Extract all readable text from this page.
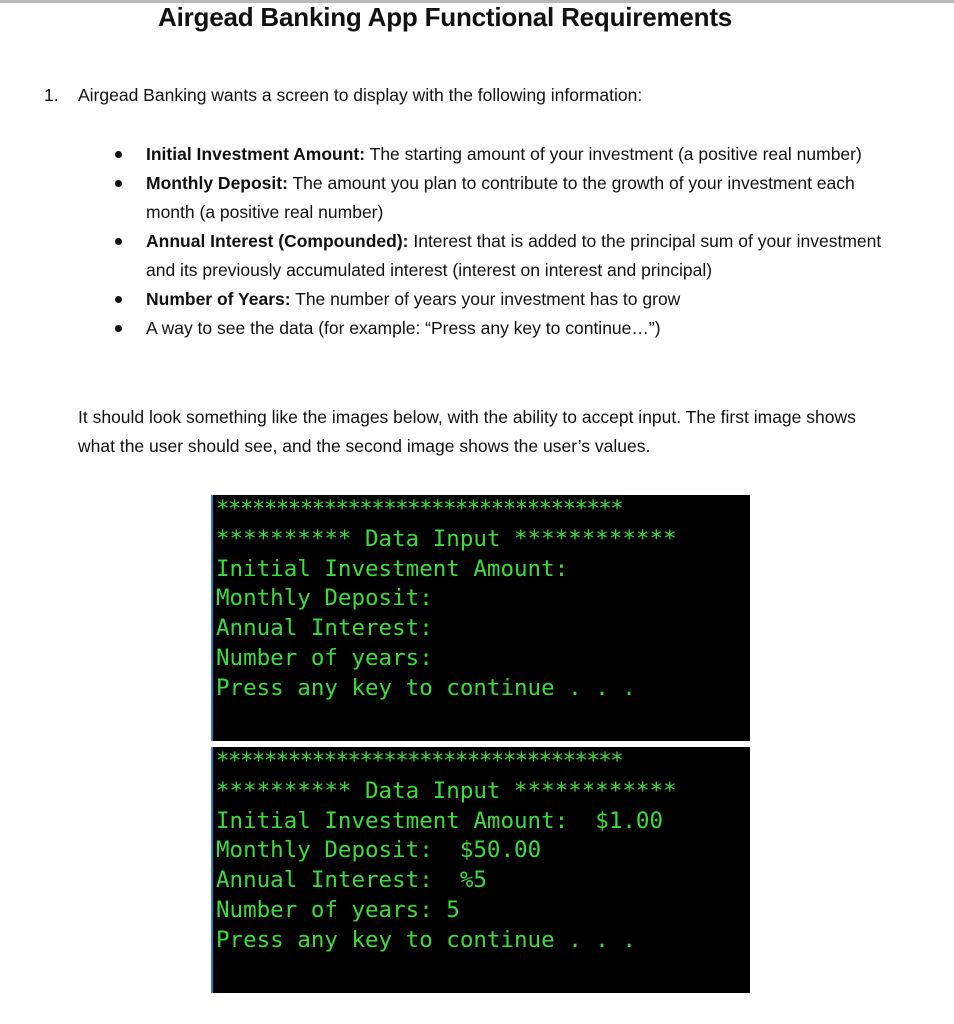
Airgead Banking App Functional Requirements
1. Airgead Banking wants a screen to display with the following information:
Initial Investment Amount: The starting amount of your investment (a positive real number)
Monthly Deposit: The amount you plan to contribute to the growth of your investment each month (a positive real number)
Annual Interest (Compounded): Interest that is added to the principal sum of your investment and its previously accumulated interest (interest on interest and principal)
Number of Years: The number of years your investment has to grow
A way to see the data (for example: “Press any key to continue…”)
It should look something like the images below, with the ability to accept input. The first image shows what the user should see, and the second image shows the user’s values.
**********************************
********** Data Input ************
Initial Investment Amount:
Monthly Deposit:
Annual Interest:
Number of years:
Press any key to continue . . .
**********************************
********** Data Input ************
Initial Investment Amount: $1.00
Monthly Deposit: $50.00
Annual Interest: %5
Number of years: 5
Press any key to continue . . .
